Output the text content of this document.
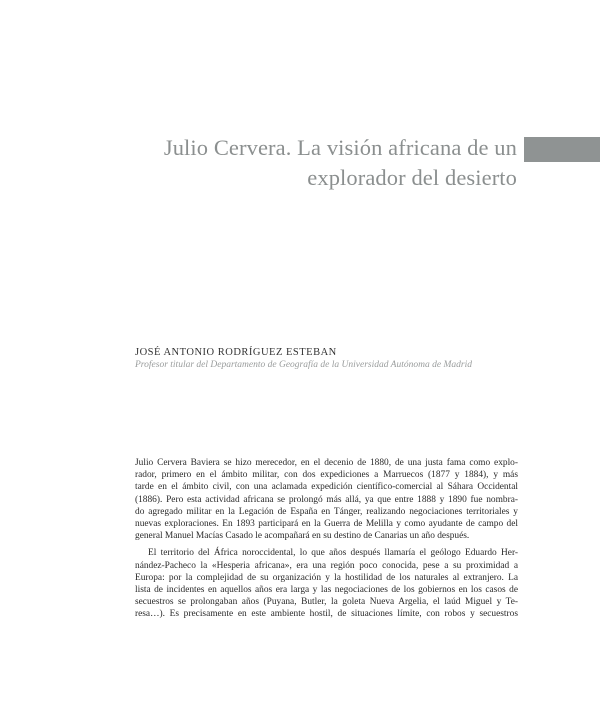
Julio Cervera. La visión africana de un
explorador del desierto
JOSÉ ANTONIO RODRÍGUEZ ESTEBAN
Profesor titular del Departamento de Geografía de la Universidad Autónoma de Madrid
Julio Cervera Baviera se hizo merecedor, en el decenio de 1880, de una justa fama como explo-
rador, primero en el ámbito militar, con dos expediciones a Marruecos (1877 y 1884), y más
tarde en el ámbito civil, con una aclamada expedición científico-comercial al Sáhara Occidental
(1886). Pero esta actividad africana se prolongó más allá, ya que entre 1888 y 1890 fue nombra-
do agregado militar en la Legación de España en Tánger, realizando negociaciones territoriales y
nuevas exploraciones. En 1893 participará en la Guerra de Melilla y como ayudante de campo del
general Manuel Macías Casado le acompañará en su destino de Canarias un año después.
El territorio del África noroccidental, lo que años después llamaría el geólogo Eduardo Her-
nández-Pacheco la «Hesperia africana», era una región poco conocida, pese a su proximidad a
Europa: por la complejidad de su organización y la hostilidad de los naturales al extranjero. La
lista de incidentes en aquellos años era larga y las negociaciones de los gobiernos en los casos de
secuestros se prolongaban años (Puyana, Butler, la goleta Nueva Argelia, el laúd Miguel y Te-
resa…). Es precisamente en este ambiente hostil, de situaciones límite, con robos y secuestros
